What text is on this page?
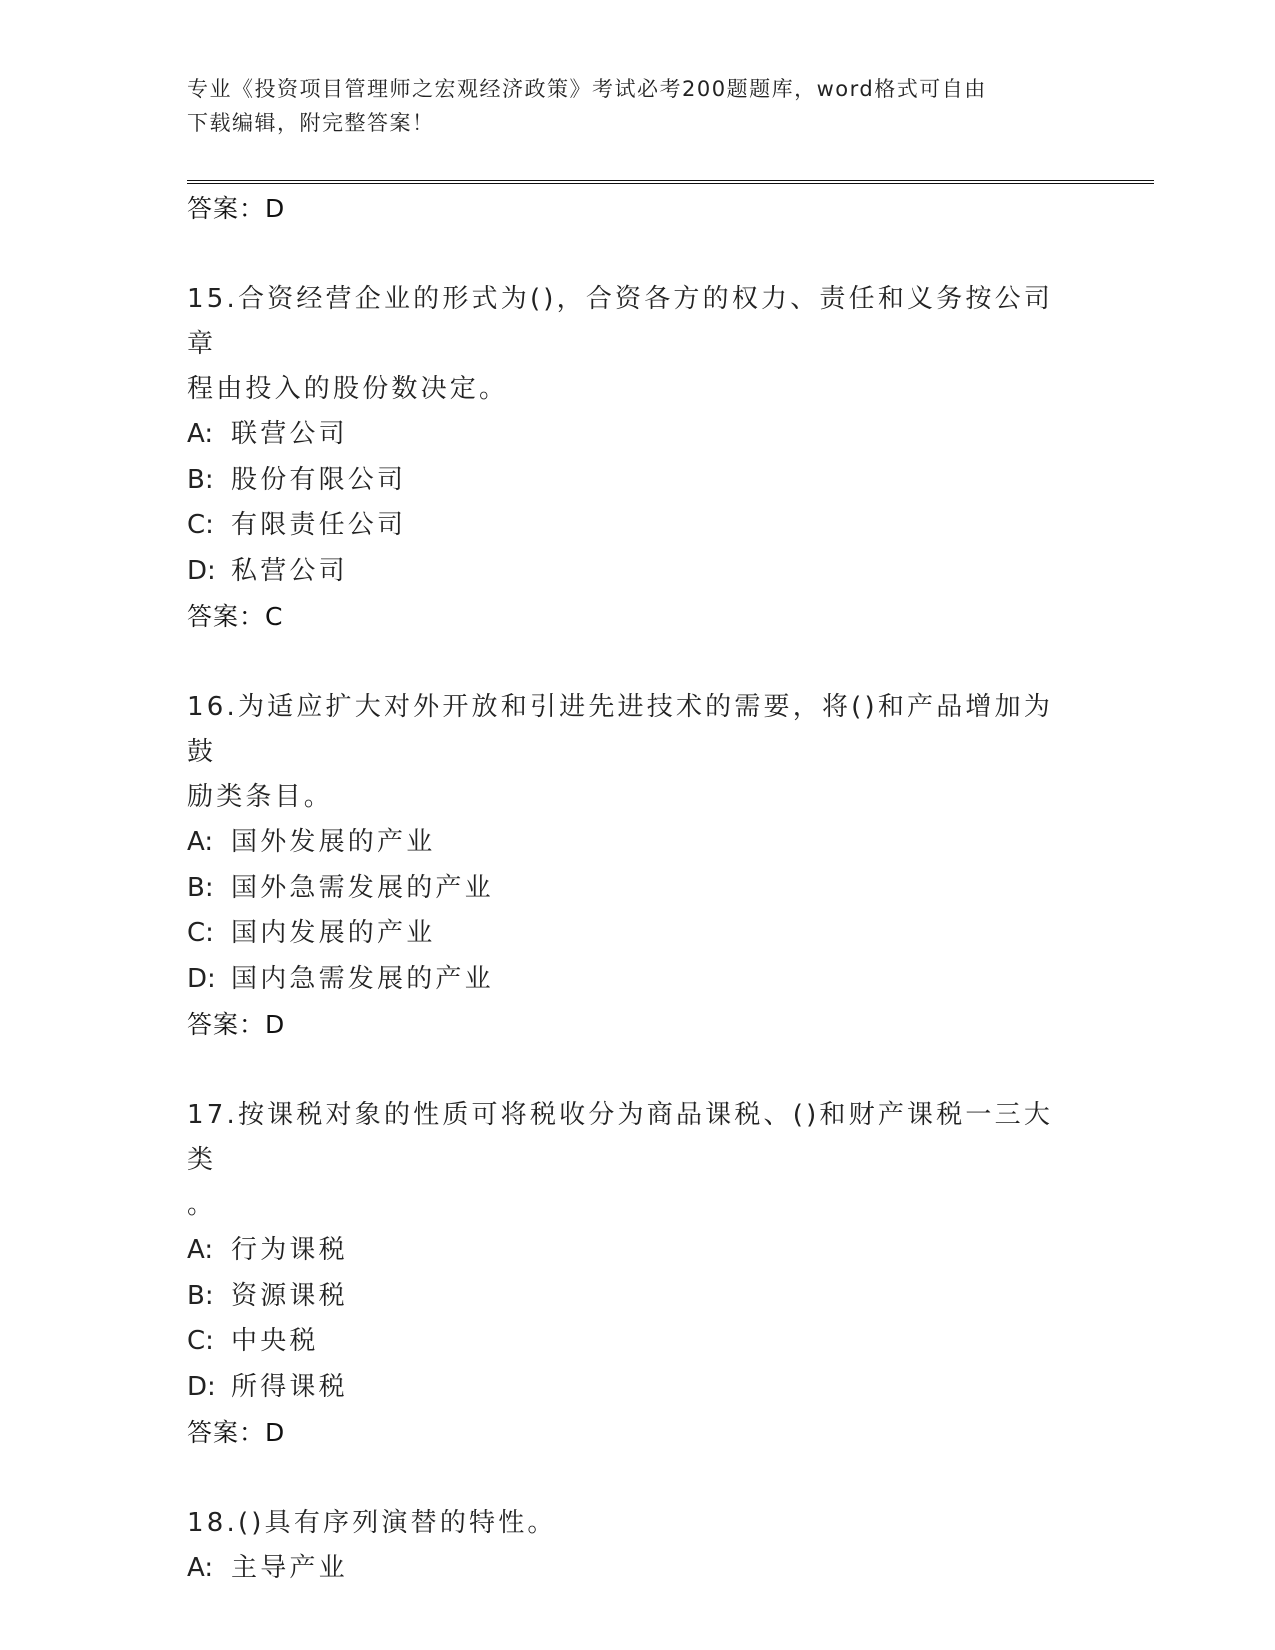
专业《投资项目管理师之宏观经济政策》考试必考200题题库，word格式可自由
下载编辑，附完整答案！
答案：D
15.合资经营企业的形式为()，合资各方的权力、责任和义务按公司章
程由投入的股份数决定。
A: 联营公司
B: 股份有限公司
C: 有限责任公司
D: 私营公司
答案：C
16.为适应扩大对外开放和引进先进技术的需要，将()和产品增加为鼓
励类条目。
A: 国外发展的产业
B: 国外急需发展的产业
C: 国内发展的产业
D: 国内急需发展的产业
答案：D
17.按课税对象的性质可将税收分为商品课税、()和财产课税一三大类
。
A: 行为课税
B: 资源课税
C: 中央税
D: 所得课税
答案：D
18.()具有序列演替的特性。
A: 主导产业
